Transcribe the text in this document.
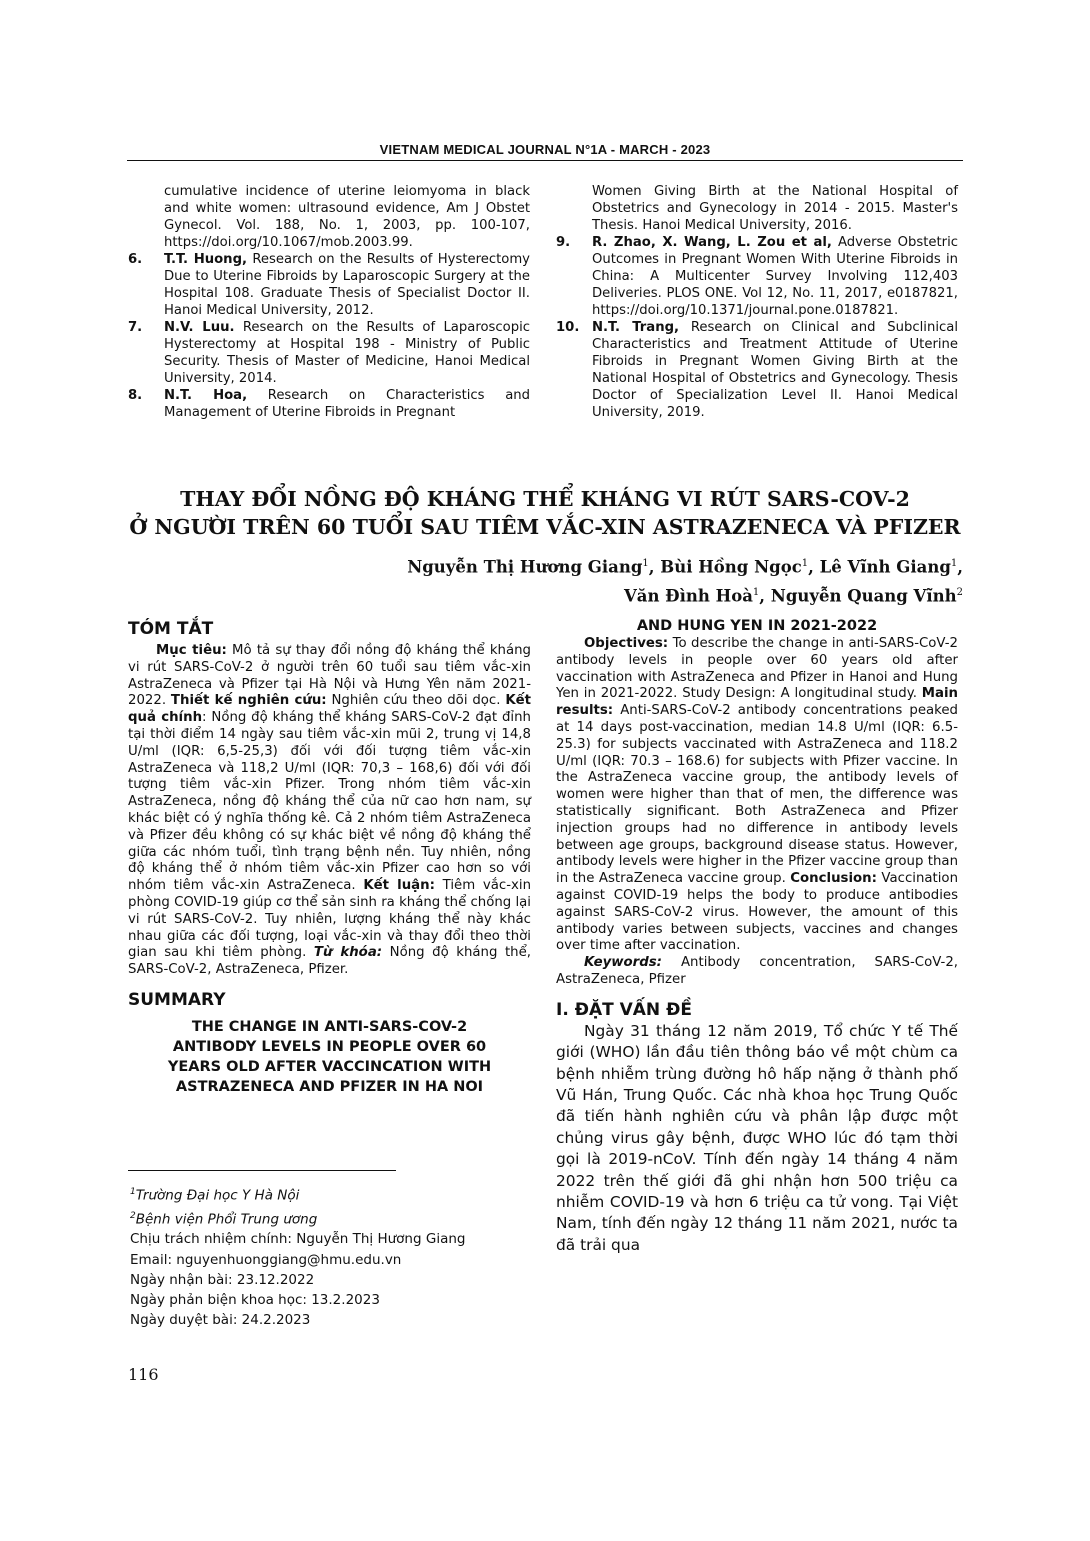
VIETNAM MEDICAL JOURNAL N°1A - MARCH - 2023
cumulative incidence of uterine leiomyoma in black and white women: ultrasound evidence, Am J Obstet Gynecol. Vol. 188, No. 1, 2003, pp. 100-107, https://doi.org/10.1067/mob.2003.99.
6.	T.T. Huong, Research on the Results of Hysterectomy Due to Uterine Fibroids by Laparoscopic Surgery at the Hospital 108. Graduate Thesis of Specialist Doctor II. Hanoi Medical University, 2012.
7.	N.V. Luu. Research on the Results of Laparoscopic Hysterectomy at Hospital 198 - Ministry of Public Security. Thesis of Master of Medicine, Hanoi Medical University, 2014.
8.	N.T. Hoa, Research on Characteristics and Management of Uterine Fibroids in Pregnant
Women Giving Birth at the National Hospital of Obstetrics and Gynecology in 2014 - 2015. Master's Thesis. Hanoi Medical University, 2016.
9.	R. Zhao, X. Wang, L. Zou et al, Adverse Obstetric Outcomes in Pregnant Women With Uterine Fibroids in China: A Multicenter Survey Involving 112,403 Deliveries. PLOS ONE. Vol 12, No. 11, 2017, e0187821, https://doi.org/10.1371/journal.pone.0187821.
10. N.T. Trang, Research on Clinical and Subclinical Characteristics and Treatment Attitude of Uterine Fibroids in Pregnant Women Giving Birth at the National Hospital of Obstetrics and Gynecology. Thesis Doctor of Specialization Level II. Hanoi Medical University, 2019.
THAY ĐỔI NỒNG ĐỘ KHÁNG THỂ KHÁNG VI RÚT SARS-COV-2
Ở NGƯỜI TRÊN 60 TUỔI SAU TIÊM VẮC-XIN ASTRAZENECA VÀ PFIZER
Nguyễn Thị Hương Giang$^1$, Bùi Hồng Ngọc$^1$, Lê Vĩnh Giang$^1$,
Văn Đình Hoà$^1$, Nguyễn Quang Vĩnh$^2$
TÓM TẮT

Mục tiêu: Mô tả sự thay đổi nồng độ kháng thể kháng vi rút SARS-CoV-2 ở người trên 60 tuổi sau tiêm vắc-xin AstraZeneca và Pfizer tại Hà Nội và Hưng Yên năm 2021-2022. Thiết kế nghiên cứu: Nghiên cứu theo dõi dọc. Kết quả chính: Nồng độ kháng thể kháng SARS-CoV-2 đạt đỉnh tại thời điểm 14 ngày sau tiêm vắc-xin mũi 2, trung vị 14,8 U/ml (IQR: 6,5-25,3) đối với đối tượng tiêm vắc-xin AstraZeneca và 118,2 U/ml (IQR: 70,3 – 168,6) đối với đối tượng tiêm vắc-xin Pfizer. Trong nhóm tiêm vắc-xin AstraZeneca, nồng độ kháng thể của nữ cao hơn nam, sự khác biệt có ý nghĩa thống kê. Cả 2 nhóm tiêm AstraZeneca và Pfizer đều không có sự khác biệt về nồng độ kháng thể giữa các nhóm tuổi, tình trạng bệnh nền. Tuy nhiên, nồng độ kháng thể ở nhóm tiêm vắc-xin Pfizer cao hơn so với nhóm tiêm vắc-xin AstraZeneca. Kết luận: Tiêm vắc-xin phòng COVID-19 giúp cơ thể sản sinh ra kháng thể chống lại vi rút SARS-CoV-2. Tuy nhiên, lượng kháng thể này khác nhau giữa các đối tượng, loại vắc-xin và thay đổi theo thời gian sau khi tiêm phòng. Từ khóa: Nồng độ kháng thể, SARS-CoV-2, AstraZeneca, Pfizer.

SUMMARY
THE CHANGE IN ANTI-SARS-COV-2
ANTIBODY LEVELS IN PEOPLE OVER 60
YEARS OLD AFTER VACCINCATION WITH
ASTRAZENECA AND PFIZER IN HA NOI
AND HUNG YEN IN 2021-2022

Objectives: To describe the change in anti-SARS-CoV-2 antibody levels in people over 60 years old after vaccination with AstraZeneca and Pfizer in Hanoi and Hung Yen in 2021-2022. Study Design: A longitudinal study. Main results: Anti-SARS-CoV-2 antibody concentrations peaked at 14 days post-vaccination, median 14.8 U/ml (IQR: 6.5-25.3) for subjects vaccinated with AstraZeneca and 118.2 U/ml (IQR: 70.3 – 168.6) for subjects with Pfizer vaccine. In the AstraZeneca vaccine group, the antibody levels of women were higher than that of men, the difference was statistically significant. Both AstraZeneca and Pfizer injection groups had no difference in antibody levels between age groups, background disease status. However, antibody levels were higher in the Pfizer vaccine group than in the AstraZeneca vaccine group. Conclusion: Vaccination against COVID-19 helps the body to produce antibodies against SARS-CoV-2 virus. However, the amount of this antibody varies between subjects, vaccines and changes over time after vaccination.

Keywords: Antibody concentration, SARS-CoV-2, AstraZeneca, Pfizer

I. ĐẶT VẤN ĐỀ

Ngày 31 tháng 12 năm 2019, Tổ chức Y tế Thế giới (WHO) lần đầu tiên thông báo về một chùm ca bệnh nhiễm trùng đường hô hấp nặng ở thành phố Vũ Hán, Trung Quốc. Các nhà khoa học Trung Quốc đã tiến hành nghiên cứu và phân lập được một chủng virus gây bệnh, được WHO lúc đó tạm thời gọi là 2019-nCoV. Tính đến ngày 14 tháng 4 năm 2022 trên thế giới đã ghi nhận hơn 500 triệu ca nhiễm COVID-19 và hơn 6 triệu ca tử vong. Tại Việt Nam, tính đến ngày 12 tháng 11 năm 2021, nước ta đã trải qua

$^1$Trường Đại học Y Hà Nội
$^2$Bệnh viện Phổi Trung ương
Chịu trách nhiệm chính: Nguyễn Thị Hương Giang
Email: nguyenhuonggiang@hmu.edu.vn
Ngày nhận bài: 23.12.2022
Ngày phản biện khoa học: 13.2.2023
Ngày duyệt bài: 24.2.2023
116
